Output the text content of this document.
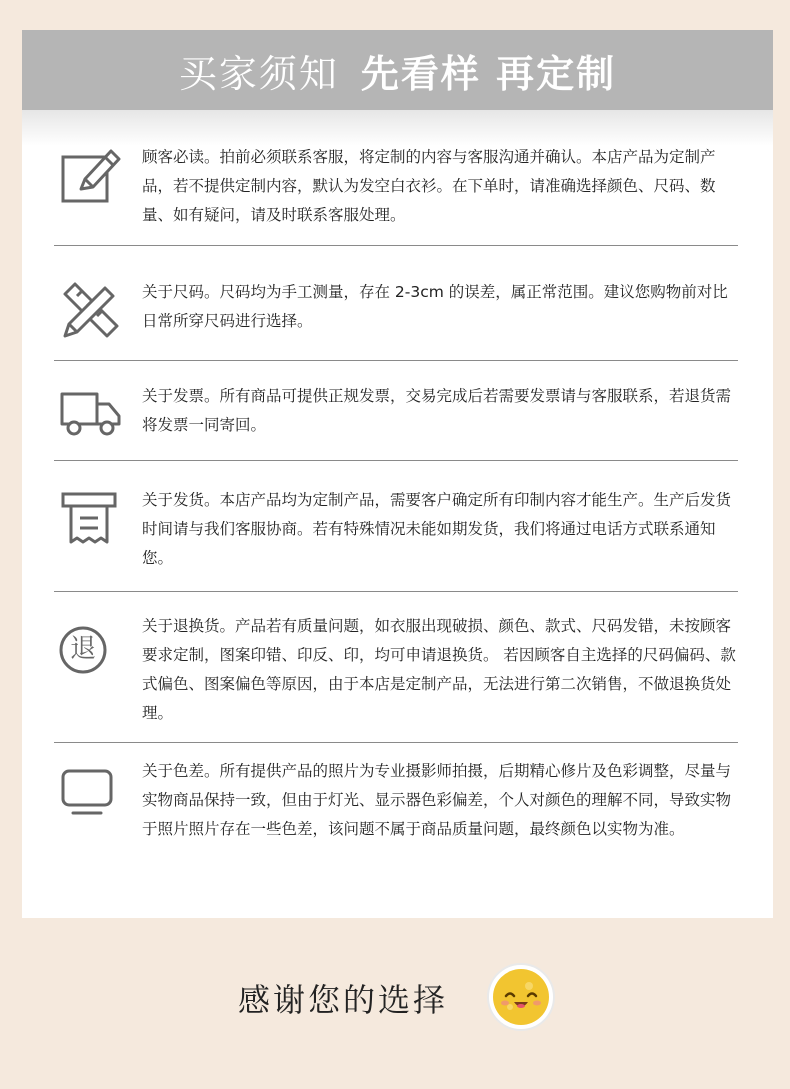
买家须知 先看样 再定制
顾客必读。拍前必须联系客服，将定制的内容与客服沟通并确认。本店产品为定制产品，若不提供定制内容，默认为发空白衣衫。在下单时，请准确选择颜色、尺码、数量、如有疑问，请及时联系客服处理。
关于尺码。尺码均为手工测量，存在 2-3cm 的误差，属正常范围。建议您购物前对比日常所穿尺码进行选择。
关于发票。所有商品可提供正规发票，交易完成后若需要发票请与客服联系，若退货需将发票一同寄回。
关于发货。本店产品均为定制产品，需要客户确定所有印制内容才能生产。生产后发货时间请与我们客服协商。若有特殊情况未能如期发货，我们将通过电话方式联系通知您。
退
关于退换货。产品若有质量问题，如衣服出现破损、颜色、款式、尺码发错，未按顾客要求定制，图案印错、印反、印，均可申请退换货。 若因顾客自主选择的尺码偏码、款式偏色、图案偏色等原因，由于本店是定制产品，无法进行第二次销售，不做退换货处理。
关于色差。所有提供产品的照片为专业摄影师拍摄，后期精心修片及色彩调整，尽量与实物商品保持一致，但由于灯光、显示器色彩偏差，个人对颜色的理解不同，导致实物于照片照片存在一些色差，该问题不属于商品质量问题，最终颜色以实物为准。
感谢您的选择
